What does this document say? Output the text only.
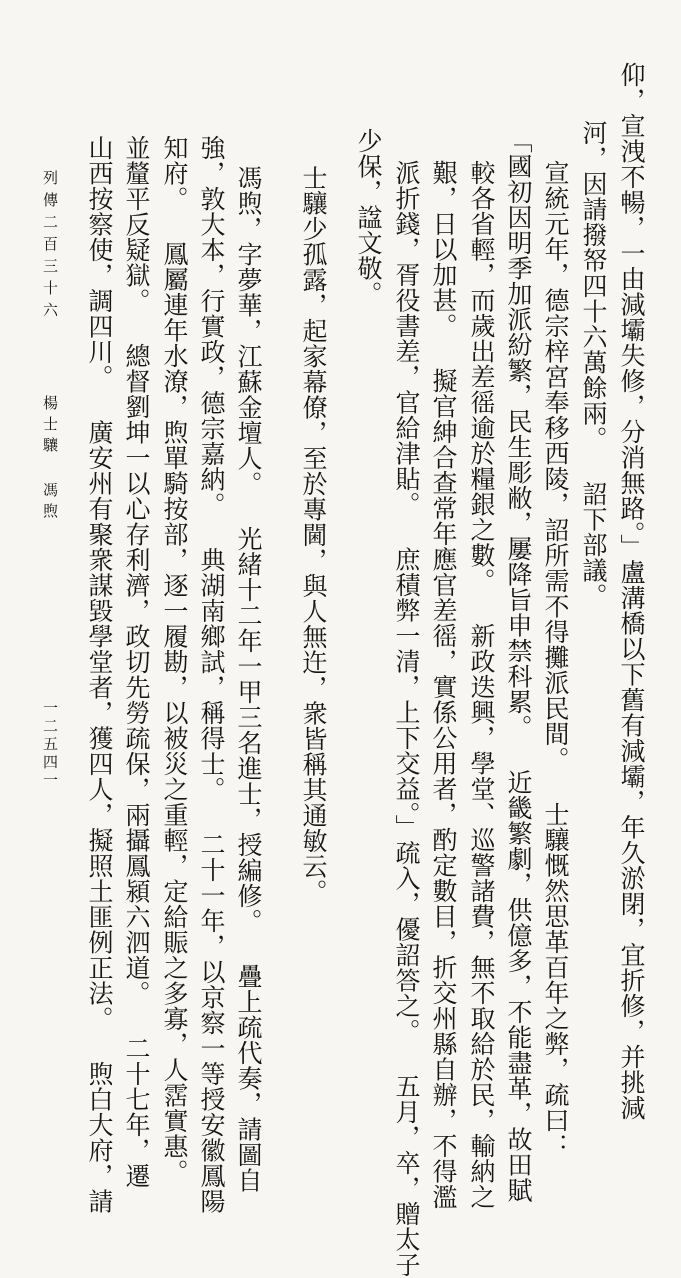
仰，宣洩不暢，一由減壩失修，分消無路。」盧溝橋以下舊有減壩，年久淤閉，宜折修，并挑減
河，因請撥帑四十六萬餘兩。 詔下部議。
宣統元年，德宗梓宮奉移西陵，詔所需不得攤派民間。 士驤慨然思革百年之弊，疏曰：
「國初因明季加派紛繁，民生彫敝，屢降旨申禁科累。 近畿繁劇，供億多，不能盡革，故田賦
較各省輕，而歲出差徭逾於糧銀之數。 新政迭興，學堂、巡警諸費，無不取給於民，輸納之
艱，日以加甚。 擬官紳合查常年應官差徭，實係公用者，酌定數目，折交州縣自辦，不得濫
派折錢，胥役書差，官給津貼。 庶積弊一清，上下交益。」疏入，優詔答之。 五月，卒，贈太子
少保，諡文敬。
士驤少孤露，起家幕僚，至於專閫，與人無迕，衆皆稱其通敏云。
馮煦，字夢華，江蘇金壇人。 光緒十二年一甲三名進士，授編修。 疊上疏代奏，請圖自
強，敦大本，行實政，德宗嘉納。 典湖南鄉試，稱得士。 二十一年，以京察一等授安徽鳳陽
知府。 鳳屬連年水潦，煦單騎按部，逐一履勘，以被災之重輕，定給賑之多寡，人霑實惠。
並釐平反疑獄。 總督劉坤一以心存利濟，政切先勞疏保，兩攝鳳潁六泗道。 二十七年，遷
山西按察使，調四川。 廣安州有聚衆謀毀學堂者，獲四人，擬照土匪例正法。 煦白大府，請
列傳二百三十六
楊士驤 馮煦
一二五四一
